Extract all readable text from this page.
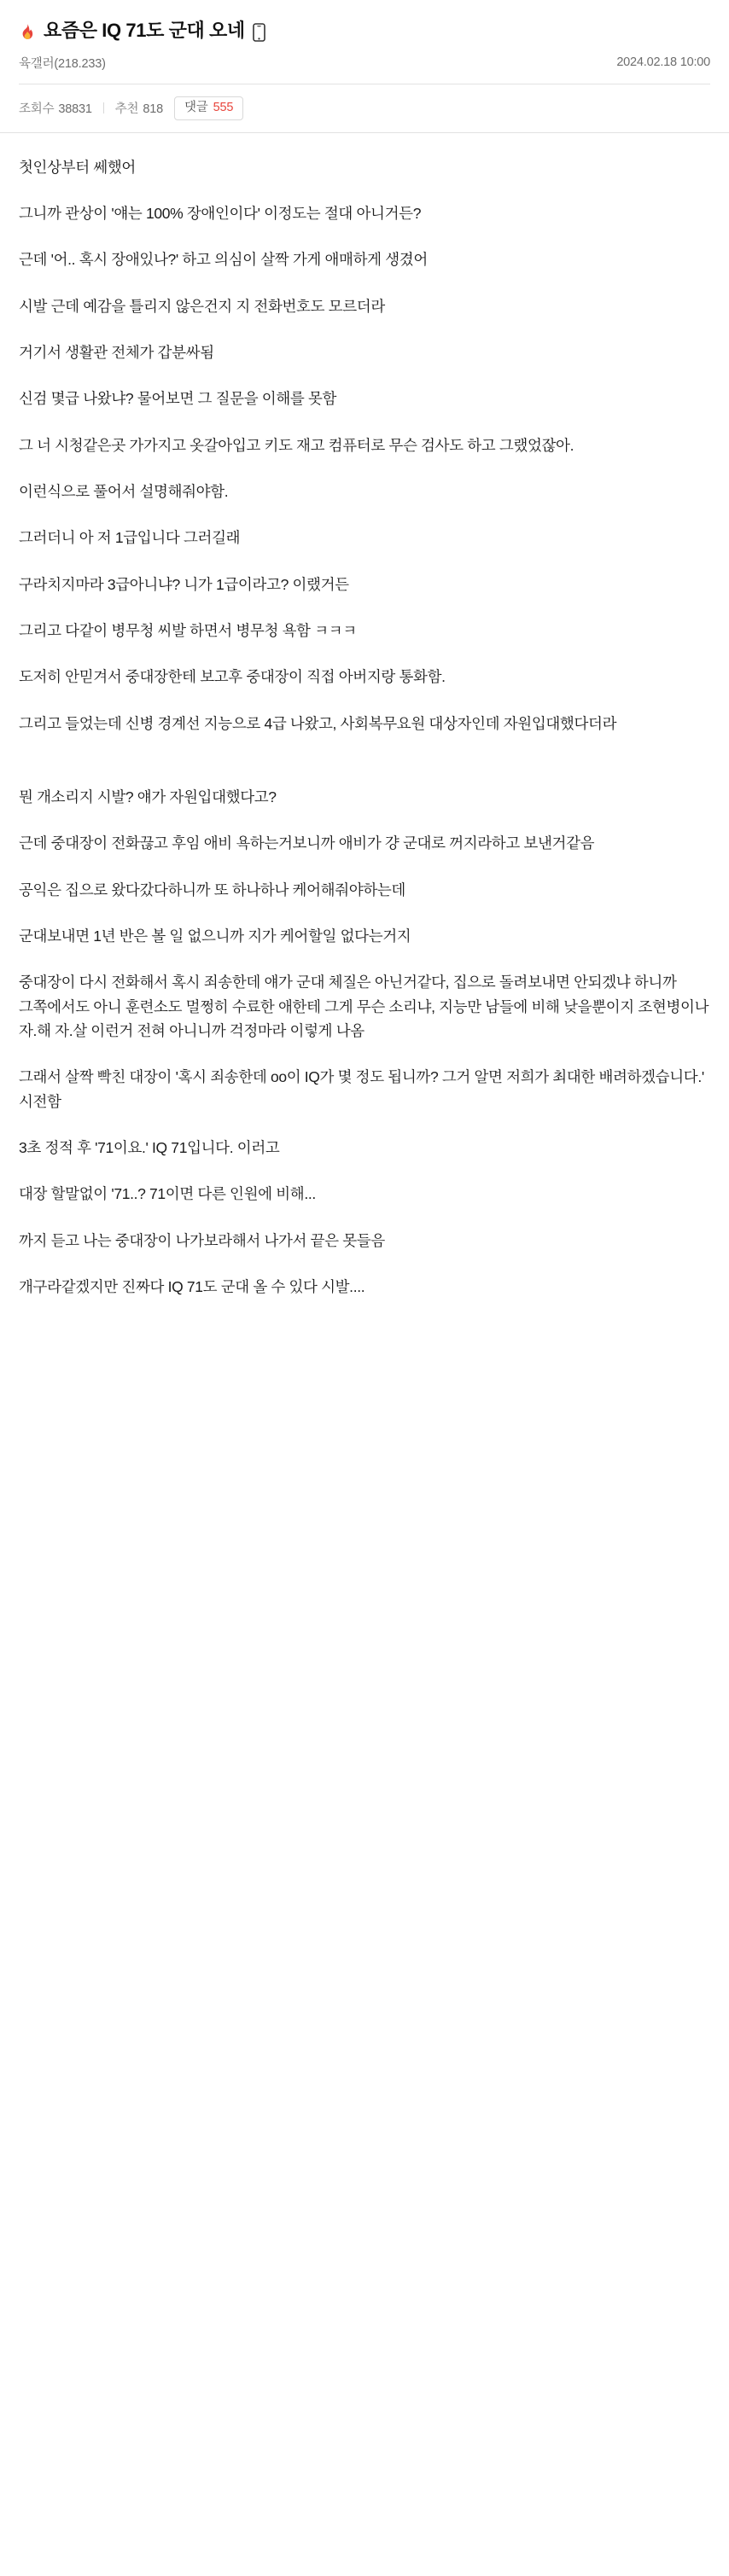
요즘은 IQ 71도 군대 오네
육갤러(218.233)	2024.02.18 10:00
조회수 38831 추천 818 댓글 555

첫인상부터 쎄했어

그니까 관상이 '얘는 100% 장애인이다' 이정도는 절대 아니거든?

근데 '어.. 혹시 장애있나?' 하고 의심이 살짝 가게 애매하게 생겼어

시발 근데 예감을 틀리지 않은건지 지 전화번호도 모르더라

거기서 생활관 전체가 갑분싸됨

신검 몇급 나왔냐? 물어보면 그 질문을 이해를 못함

그 너 시청같은곳 가가지고 옷갈아입고 키도 재고 컴퓨터로 무슨 검사도 하고 그랬었잖아.

이런식으로 풀어서 설명해줘야함.

그러더니 아 저 1급입니다 그러길래

구라치지마라 3급아니냐? 니가 1급이라고? 이랬거든

그리고 다같이 병무청 씨발 하면서 병무청 욕함 ㅋㅋㅋ

도저히 안믿겨서 중대장한테 보고후 중대장이 직접 아버지랑 통화함.

그리고 들었는데 신병 경계선 지능으로 4급 나왔고, 사회복무요원 대상자인데 자원입대했다더라

뭔 개소리지 시발? 얘가 자원입대했다고?

근데 중대장이 전화끊고 후임 애비 욕하는거보니까 애비가 걍 군대로 꺼지라하고 보낸거같음

공익은 집으로 왔다갔다하니까 또 하나하나 케어해줘야하는데

군대보내면 1년 반은 볼 일 없으니까 지가 케어할일 없다는거지

중대장이 다시 전화해서 혹시 죄송한데 얘가 군대 체질은 아닌거같다, 집으로 돌려보내면 안되겠냐 하니까 그쪽에서도 아니 훈련소도 멀쩡히 수료한 애한테 그게 무슨 소리냐, 지능만 남들에 비해 낮을뿐이지 조현병이나 자.해 자.살 이런거 전혀 아니니까 걱정마라 이렇게 나옴

그래서 살짝 빡친 대장이 '혹시 죄송한데 oo이 IQ가 몇 정도 됩니까? 그거 알면 저희가 최대한 배려하겠습니다.' 시전함

3초 정적 후 '71이요.' IQ 71입니다. 이러고

대장 할말없이 '71..? 71이면 다른 인원에 비해...

까지 듣고 나는 중대장이 나가보라해서 나가서 끝은 못들음

개구라같겠지만 진짜다 IQ 71도 군대 올 수 있다 시발....
